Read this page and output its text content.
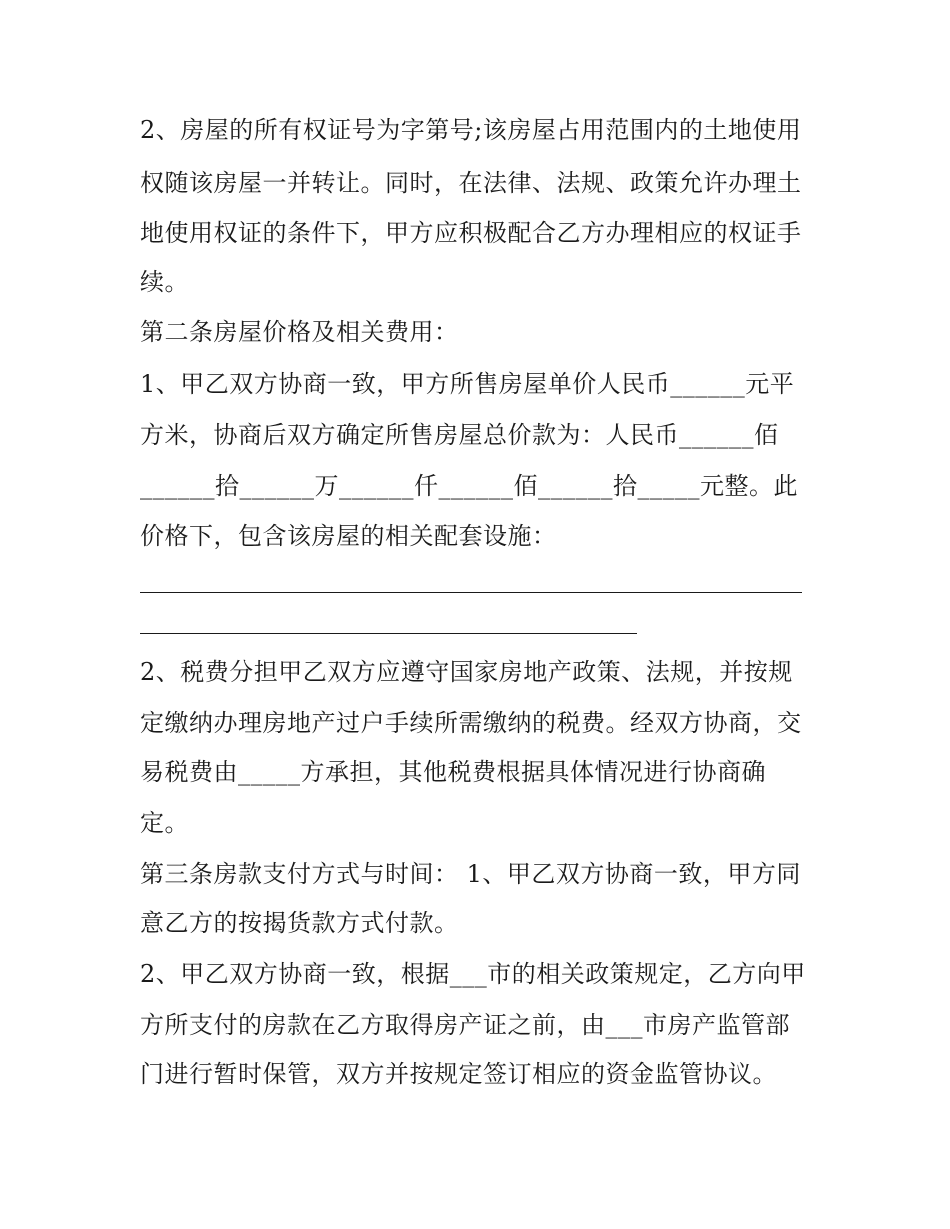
2、房屋的所有权证号为字第号;该房屋占用范围内的土地使用
权随该房屋一并转让。同时，在法律、法规、政策允许办理土
地使用权证的条件下，甲方应积极配合乙方办理相应的权证手
续。
第二条房屋价格及相关费用：
1、甲乙双方协商一致，甲方所售房屋单价人民币______元平
方米，协商后双方确定所售房屋总价款为：人民币______佰
______拾______万______仟______佰______拾_____元整。此
价格下，包含该房屋的相关配套设施：
2、税费分担甲乙双方应遵守国家房地产政策、法规，并按规
定缴纳办理房地产过户手续所需缴纳的税费。经双方协商，交
易税费由_____方承担，其他税费根据具体情况进行协商确
定。
第三条房款支付方式与时间： 1、甲乙双方协商一致，甲方同
意乙方的按揭货款方式付款。
2、甲乙双方协商一致，根据___市的相关政策规定，乙方向甲
方所支付的房款在乙方取得房产证之前，由___市房产监管部
门进行暂时保管，双方并按规定签订相应的资金监管协议。
